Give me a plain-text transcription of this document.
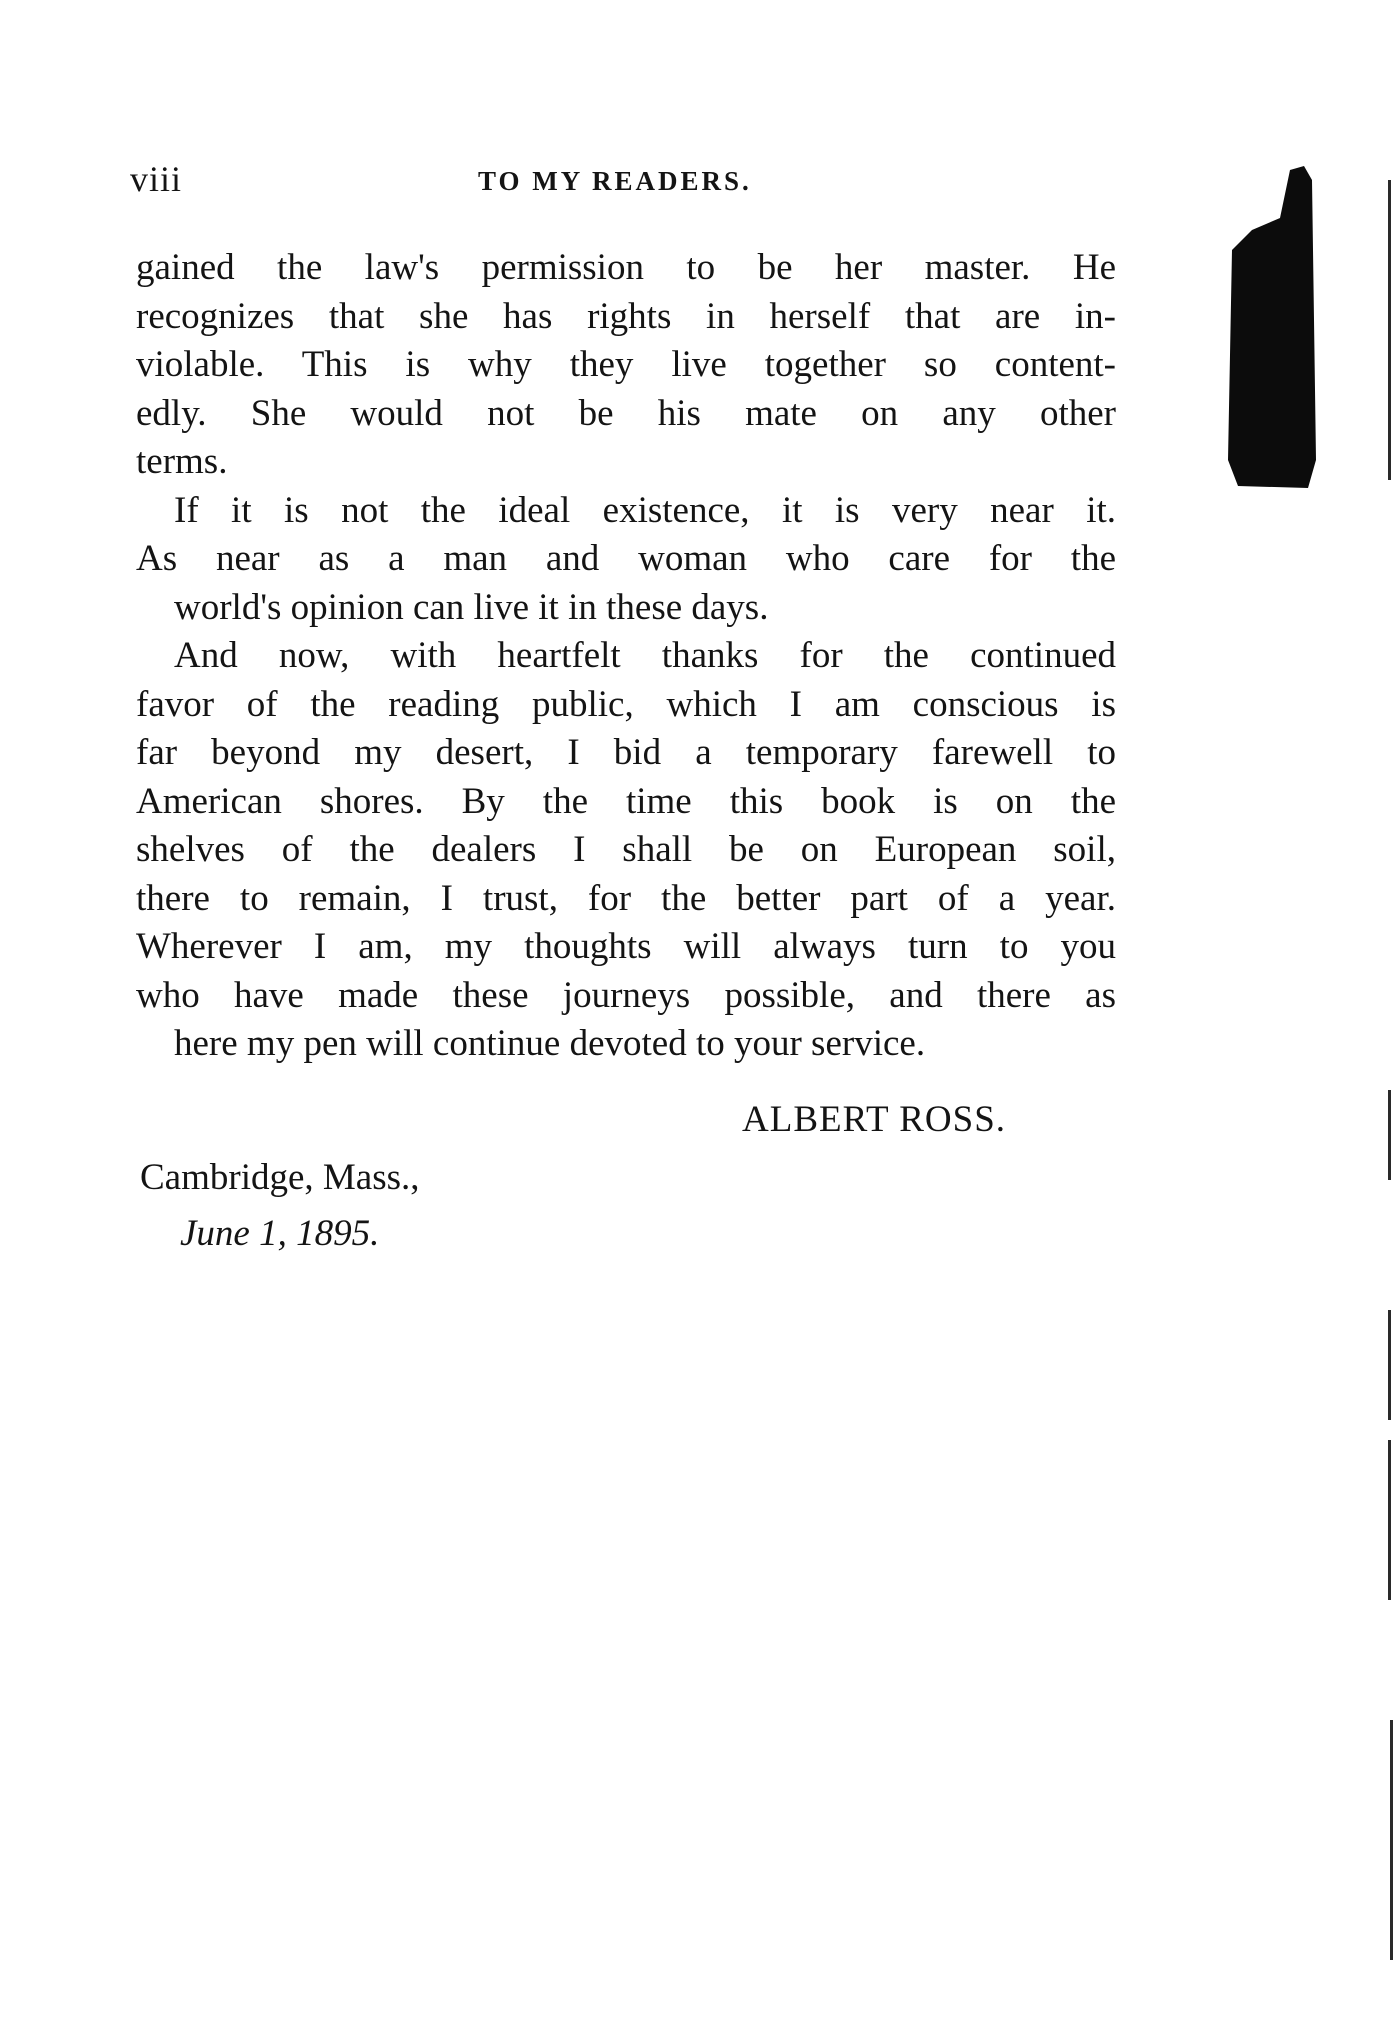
viii	TO MY READERS.

gained the law's permission to be her master. He
recognizes that she has rights in herself that are in-
violable. This is why they live together so content-
edly. She would not be his mate on any other
terms.

If it is not the ideal existence, it is very near it.
As near as a man and woman who care for the
world's opinion can live it in these days.

And now, with heartfelt thanks for the continued
favor of the reading public, which I am conscious is
far beyond my desert, I bid a temporary farewell to
American shores. By the time this book is on the
shelves of the dealers I shall be on European soil,
there to remain, I trust, for the better part of a year.
Wherever I am, my thoughts will always turn to you
who have made these journeys possible, and there as
here my pen will continue devoted to your service.

ALBERT ROSS.
Cambridge, Mass.,
June 1, 1895.
